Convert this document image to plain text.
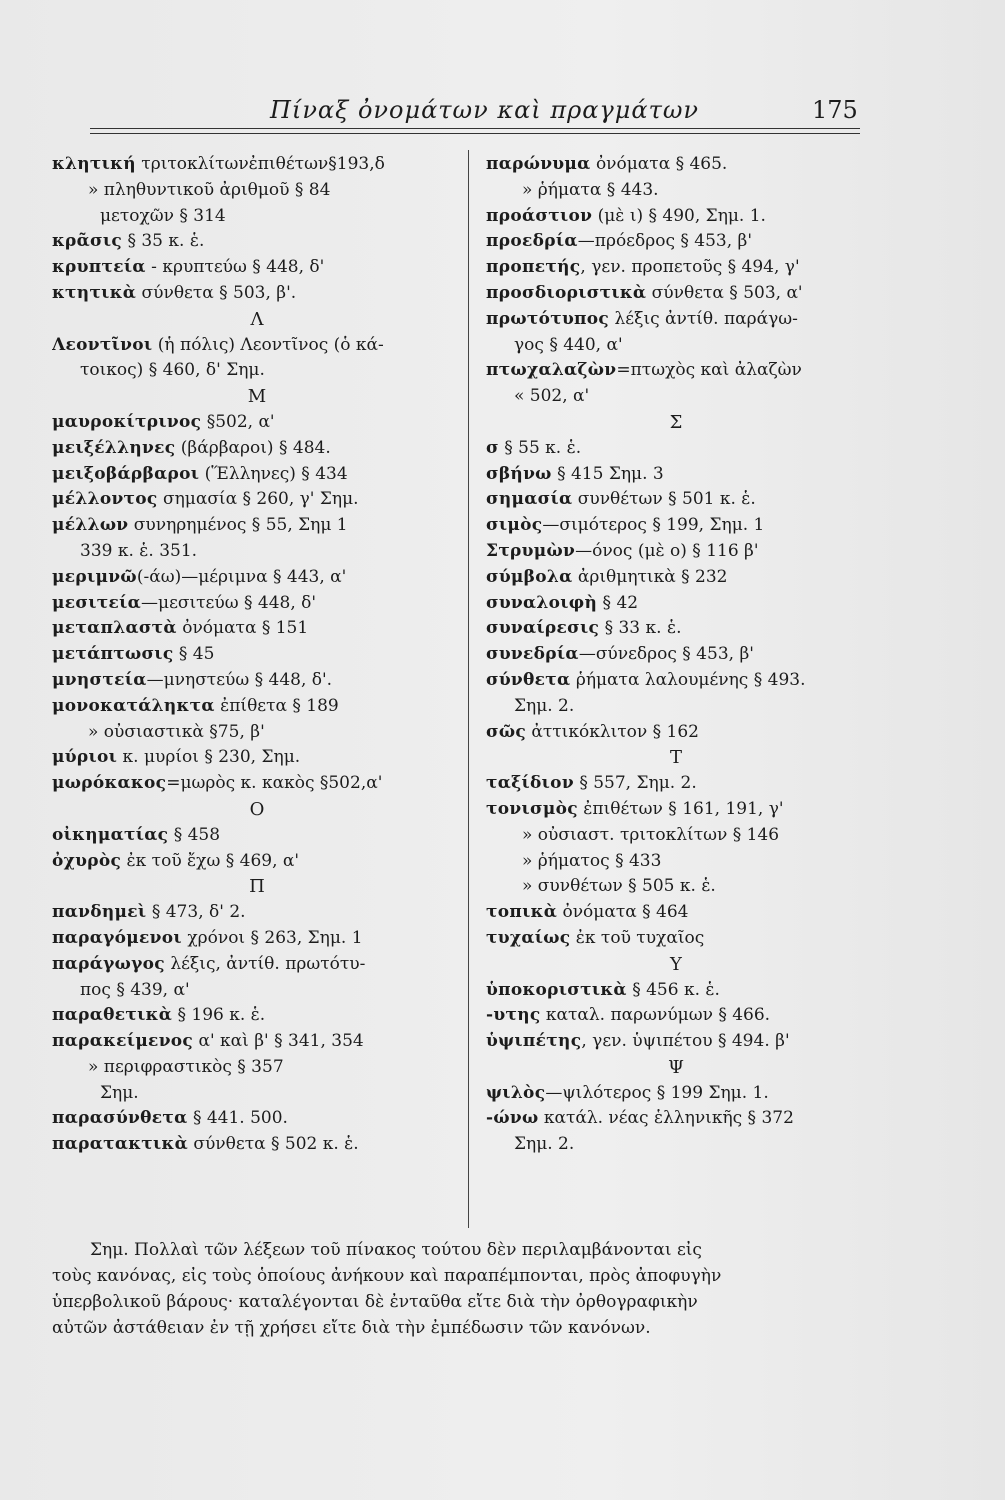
Πίναξ ὀνομάτων καὶ πραγμάτων	175
κλητική τριτοκλίτωνἐπιθέτων§193,δ
» πληθυντικοῦ ἀριθμοῦ § 84
μετοχῶν § 314
κρᾶσις § 35 κ. ἑ.
κρυπτεία - κρυπτεύω § 448, δ'
κτητικὰ σύνθετα § 503, β'.
Λ
Λεοντῖνοι (ἡ πόλις) Λεοντῖνος (ὁ κά-
τοικος) § 460, δ' Σημ.
Μ
μαυροκίτρινος §502, α'
μειξέλληνες (βάρβαροι) § 484.
μειξοβάρβαροι (Ἕλληνες) § 434
μέλλοντος σημασία § 260, γ' Σημ.
μέλλων συνηρημένος § 55, Σημ 1
339 κ. ἑ. 351.
μεριμνῶ(-άω)—μέριμνα § 443, α'
μεσιτεία—μεσιτεύω § 448, δ'
μεταπλαστὰ ὀνόματα § 151
μετάπτωσις § 45
μνηστεία—μνηστεύω § 448, δ'.
μονοκατάληκτα ἐπίθετα § 189
» οὐσιαστικὰ §75, β'
μύριοι κ. μυρίοι § 230, Σημ.
μωρόκακος=μωρὸς κ. κακὸς §502,α'
Ο
οἰκηματίας § 458
ὀχυρὸς ἐκ τοῦ ἔχω § 469, α'
Π
πανδημεὶ § 473, δ' 2.
παραγόμενοι χρόνοι § 263, Σημ. 1
παράγωγος λέξις, ἀντίθ. πρωτότυ-
πος § 439, α'
παραθετικὰ § 196 κ. ἑ.
παρακείμενος α' καὶ β' § 341, 354
» περιφραστικὸς § 357
Σημ.
παρασύνθετα § 441. 500.
παρατακτικὰ σύνθετα § 502 κ. ἑ.
παρώνυμα ὀνόματα § 465.
» ῥήματα § 443.
προάστιον (μὲ ι) § 490, Σημ. 1.
προεδρία—πρόεδρος § 453, β'
προπετής, γεν. προπετοῦς § 494, γ'
προσδιοριστικὰ σύνθετα § 503, α'
πρωτότυπος λέξις ἀντίθ. παράγω-
γος § 440, α'
πτωχαλαζὼν=πτωχὸς καὶ ἀλαζὼν
« 502, α'
Σ
σ § 55 κ. ἑ.
σβήνω § 415 Σημ. 3
σημασία συνθέτων § 501 κ. ἑ.
σιμὸς—σιμότερος § 199, Σημ. 1
Στρυμὼν—όνος (μὲ ο) § 116 β'
σύμβολα ἀριθμητικὰ § 232
συναλοιφὴ § 42
συναίρεσις § 33 κ. ἑ.
συνεδρία—σύνεδρος § 453, β'
σύνθετα ῥήματα λαλουμένης § 493.
Σημ. 2.
σῶς ἀττικόκλιτον § 162
Τ
ταξίδιον § 557, Σημ. 2.
τονισμὸς ἐπιθέτων § 161, 191, γ'
» οὐσιαστ. τριτοκλίτων § 146
» ῥήματος § 433
» συνθέτων § 505 κ. ἑ.
τοπικὰ ὀνόματα § 464
τυχαίως ἐκ τοῦ τυχαῖος
Υ
ὑποκοριστικὰ § 456 κ. ἑ.
-υτης καταλ. παρωνύμων § 466.
ὑψιπέτης, γεν. ὑψιπέτου § 494. β'
Ψ
ψιλὸς—ψιλότερος § 199 Σημ. 1.
-ώνω κατάλ. νέας ἑλληνικῆς § 372
Σημ. 2.

Σημ. Πολλαὶ τῶν λέξεων τοῦ πίνακος τούτου δὲν περιλαμβάνονται εἰς

τοὺς κανόνας, εἰς τοὺς ὁποίους ἀνήκουν καὶ παραπέμπονται, πρὸς ἀποφυγὴν

ὑπερβολικοῦ βάρους· καταλέγονται δὲ ἐνταῦθα εἴτε διὰ τὴν ὀρθογραφικὴν

αὐτῶν ἀστάθειαν ἐν τῇ χρήσει εἴτε διὰ τὴν ἐμπέδωσιν τῶν κανόνων.
